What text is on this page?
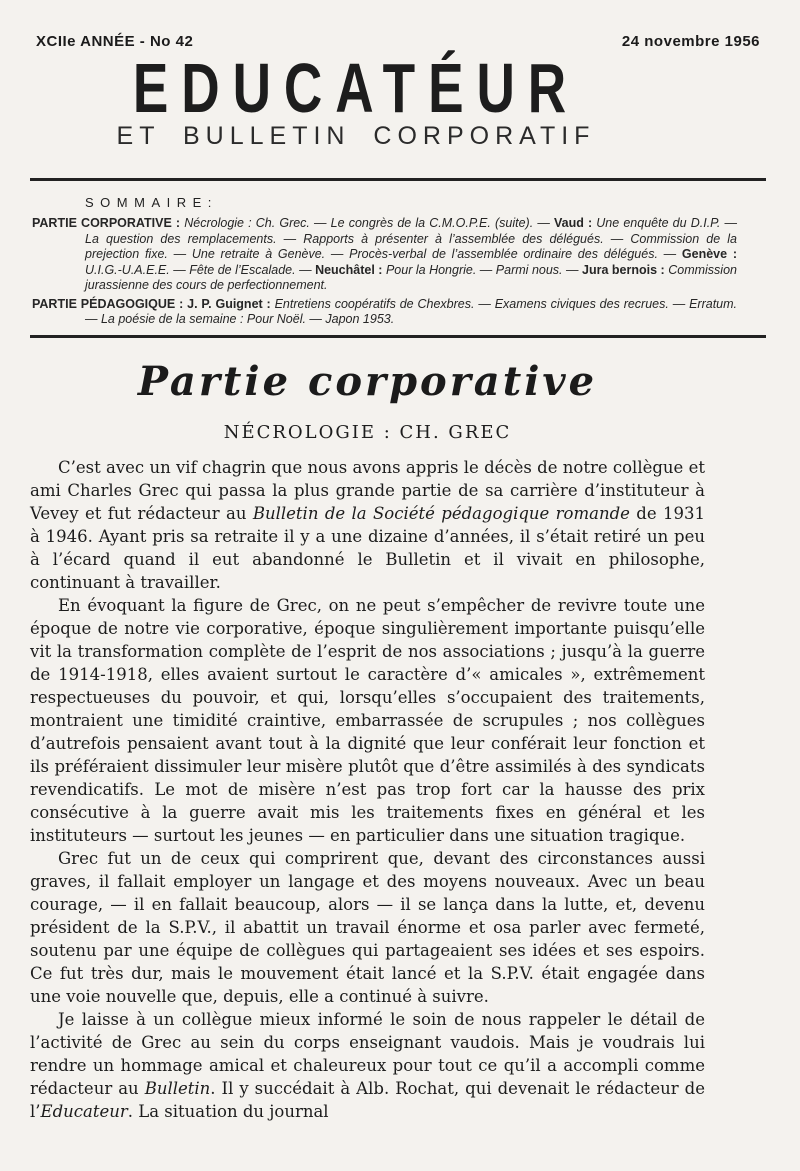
XCIIe ANNÉE - No 42	24 novembre 1956
EDUCATÉUR
ET BULLETIN CORPORATIF
SOMMAIRE:

PARTIE CORPORATIVE : Nécrologie : Ch. Grec. — Le congrès de la C.M.O.P.E. (suite). — Vaud : Une enquête du D.I.P. — La question des remplacements. — Rapports à présenter à l’assemblée des délégués. — Commission de la prejection fixe. — Une retraite à Genève. — Procès-verbal de l’assemblée ordinaire des délégués. — Genève : U.I.G.-U.A.E.E. — Fête de l’Escalade. — Neuchâtel : Pour la Hongrie. — Parmi nous. — Jura bernois : Commission jurassienne des cours de perfectionnement.

PARTIE PÉDAGOGIQUE : J. P. Guignet : Entretiens coopératifs de Chexbres. — Examens civiques des recrues. — Erratum. — La poésie de la semaine : Pour Noël. — Japon 1953.

Partie corporative
NÉCROLOGIE : CH. GREC

C’est avec un vif chagrin que nous avons appris le décès de notre collègue et ami Charles Grec qui passa la plus grande partie de sa carrière d’instituteur à Vevey et fut rédacteur au Bulletin de la Société pédagogique romande de 1931 à 1946. Ayant pris sa retraite il y a une dizaine d’années, il s’était retiré un peu à l’écard quand il eut abandonné le Bulletin et il vivait en philosophe, continuant à travailler.

En évoquant la figure de Grec, on ne peut s’empêcher de revivre toute une époque de notre vie corporative, époque singulièrement importante puisqu’elle vit la transformation complète de l’esprit de nos associations ; jusqu’à la guerre de 1914-1918, elles avaient surtout le caractère d’« amicales », extrêmement respectueuses du pouvoir, et qui, lorsqu’elles s’occupaient des traitements, montraient une timidité craintive, embarrassée de scrupules ; nos collègues d’autrefois pensaient avant tout à la dignité que leur conférait leur fonction et ils préféraient dissimuler leur misère plutôt que d’être assimilés à des syndicats revendicatifs. Le mot de misère n’est pas trop fort car la hausse des prix consécutive à la guerre avait mis les traitements fixes en général et les instituteurs — surtout les jeunes — en particulier dans une situation tragique.

Grec fut un de ceux qui comprirent que, devant des circonstances aussi graves, il fallait employer un langage et des moyens nouveaux. Avec un beau courage, — il en fallait beaucoup, alors — il se lança dans la lutte, et, devenu président de la S.P.V., il abattit un travail énorme et osa parler avec fermeté, soutenu par une équipe de collègues qui partageaient ses idées et ses espoirs. Ce fut très dur, mais le mouvement était lancé et la S.P.V. était engagée dans une voie nouvelle que, depuis, elle a continué à suivre.

Je laisse à un collègue mieux informé le soin de nous rappeler le détail de l’activité de Grec au sein du corps enseignant vaudois. Mais je voudrais lui rendre un hommage amical et chaleureux pour tout ce qu’il a accompli comme rédacteur au Bulletin. Il y succédait à Alb. Rochat, qui devenait le rédacteur de l’Educateur. La situation du journal
